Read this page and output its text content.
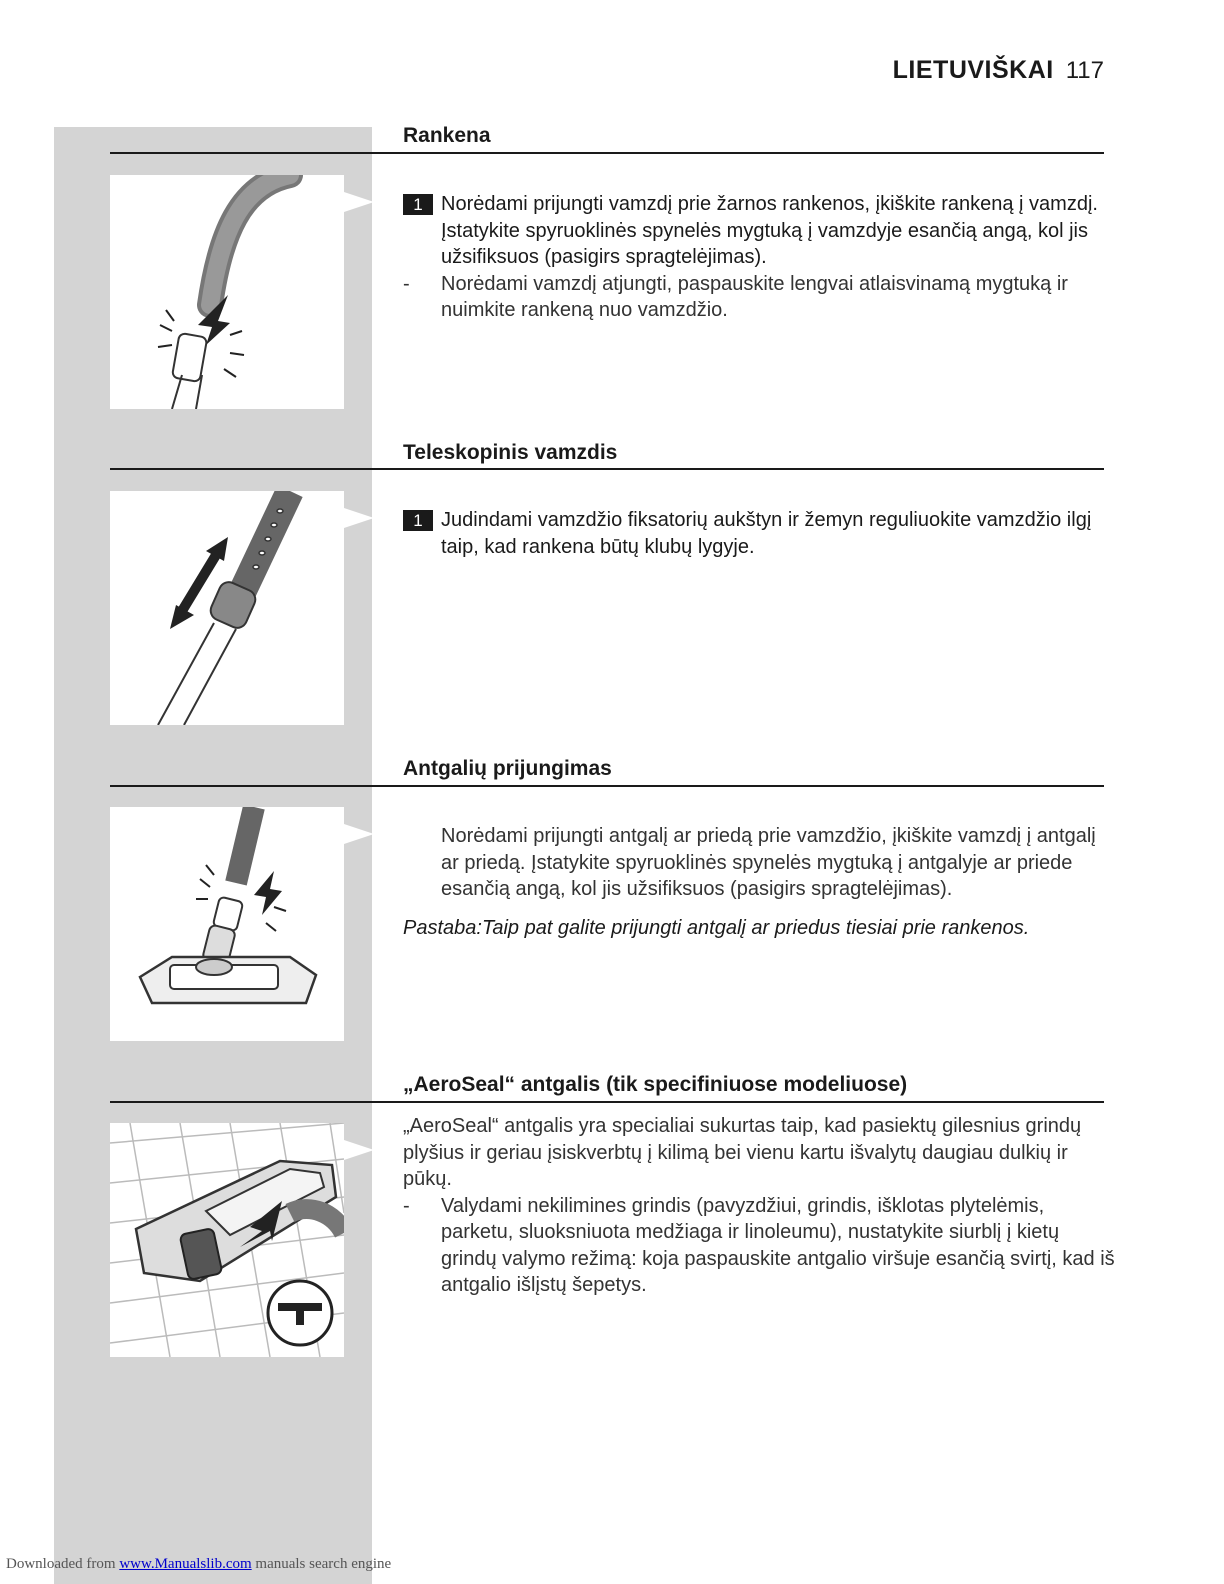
LIETUVIŠKAI 117
Rankena
1 Norėdami prijungti vamzdį prie žarnos rankenos, įkiškite rankeną į vamzdį. Įstatykite spyruoklinės spynelės mygtuką į vamzdyje esančią angą, kol jis užsifiksuos (pasigirs spragtelėjimas).
- Norėdami vamzdį atjungti, paspauskite lengvai atlaisvinamą mygtuką ir nuimkite rankeną nuo vamzdžio.
Teleskopinis vamzdis
1 Judindami vamzdžio fiksatorių aukštyn ir žemyn reguliuokite vamzdžio ilgį taip, kad rankena būtų klubų lygyje.
Antgalių prijungimas
Norėdami prijungti antgalį ar priedą prie vamzdžio, įkiškite vamzdį į antgalį ar priedą. Įstatykite spyruoklinės spynelės mygtuką į antgalyje ar priede esančią angą, kol jis užsifiksuos (pasigirs spragtelėjimas).
Pastaba:Taip pat galite prijungti antgalį ar priedus tiesiai prie rankenos.
„AeroSeal“ antgalis (tik specifiniuose modeliuose)
„AeroSeal“ antgalis yra specialiai sukurtas taip, kad pasiektų gilesnius grindų plyšius ir geriau įsiskverbtų į kilimą bei vienu kartu išvalytų daugiau dulkių ir pūkų.
- Valydami nekilimines grindis (pavyzdžiui, grindis, išklotas plytelėmis, parketu, sluoksniuota medžiaga ir linoleumu), nustatykite siurblį į kietų grindų valymo režimą: koja paspauskite antgalio viršuje esančią svirtį, kad iš antgalio išlįstų šepetys.
Downloaded from www.Manualslib.com manuals search engine
